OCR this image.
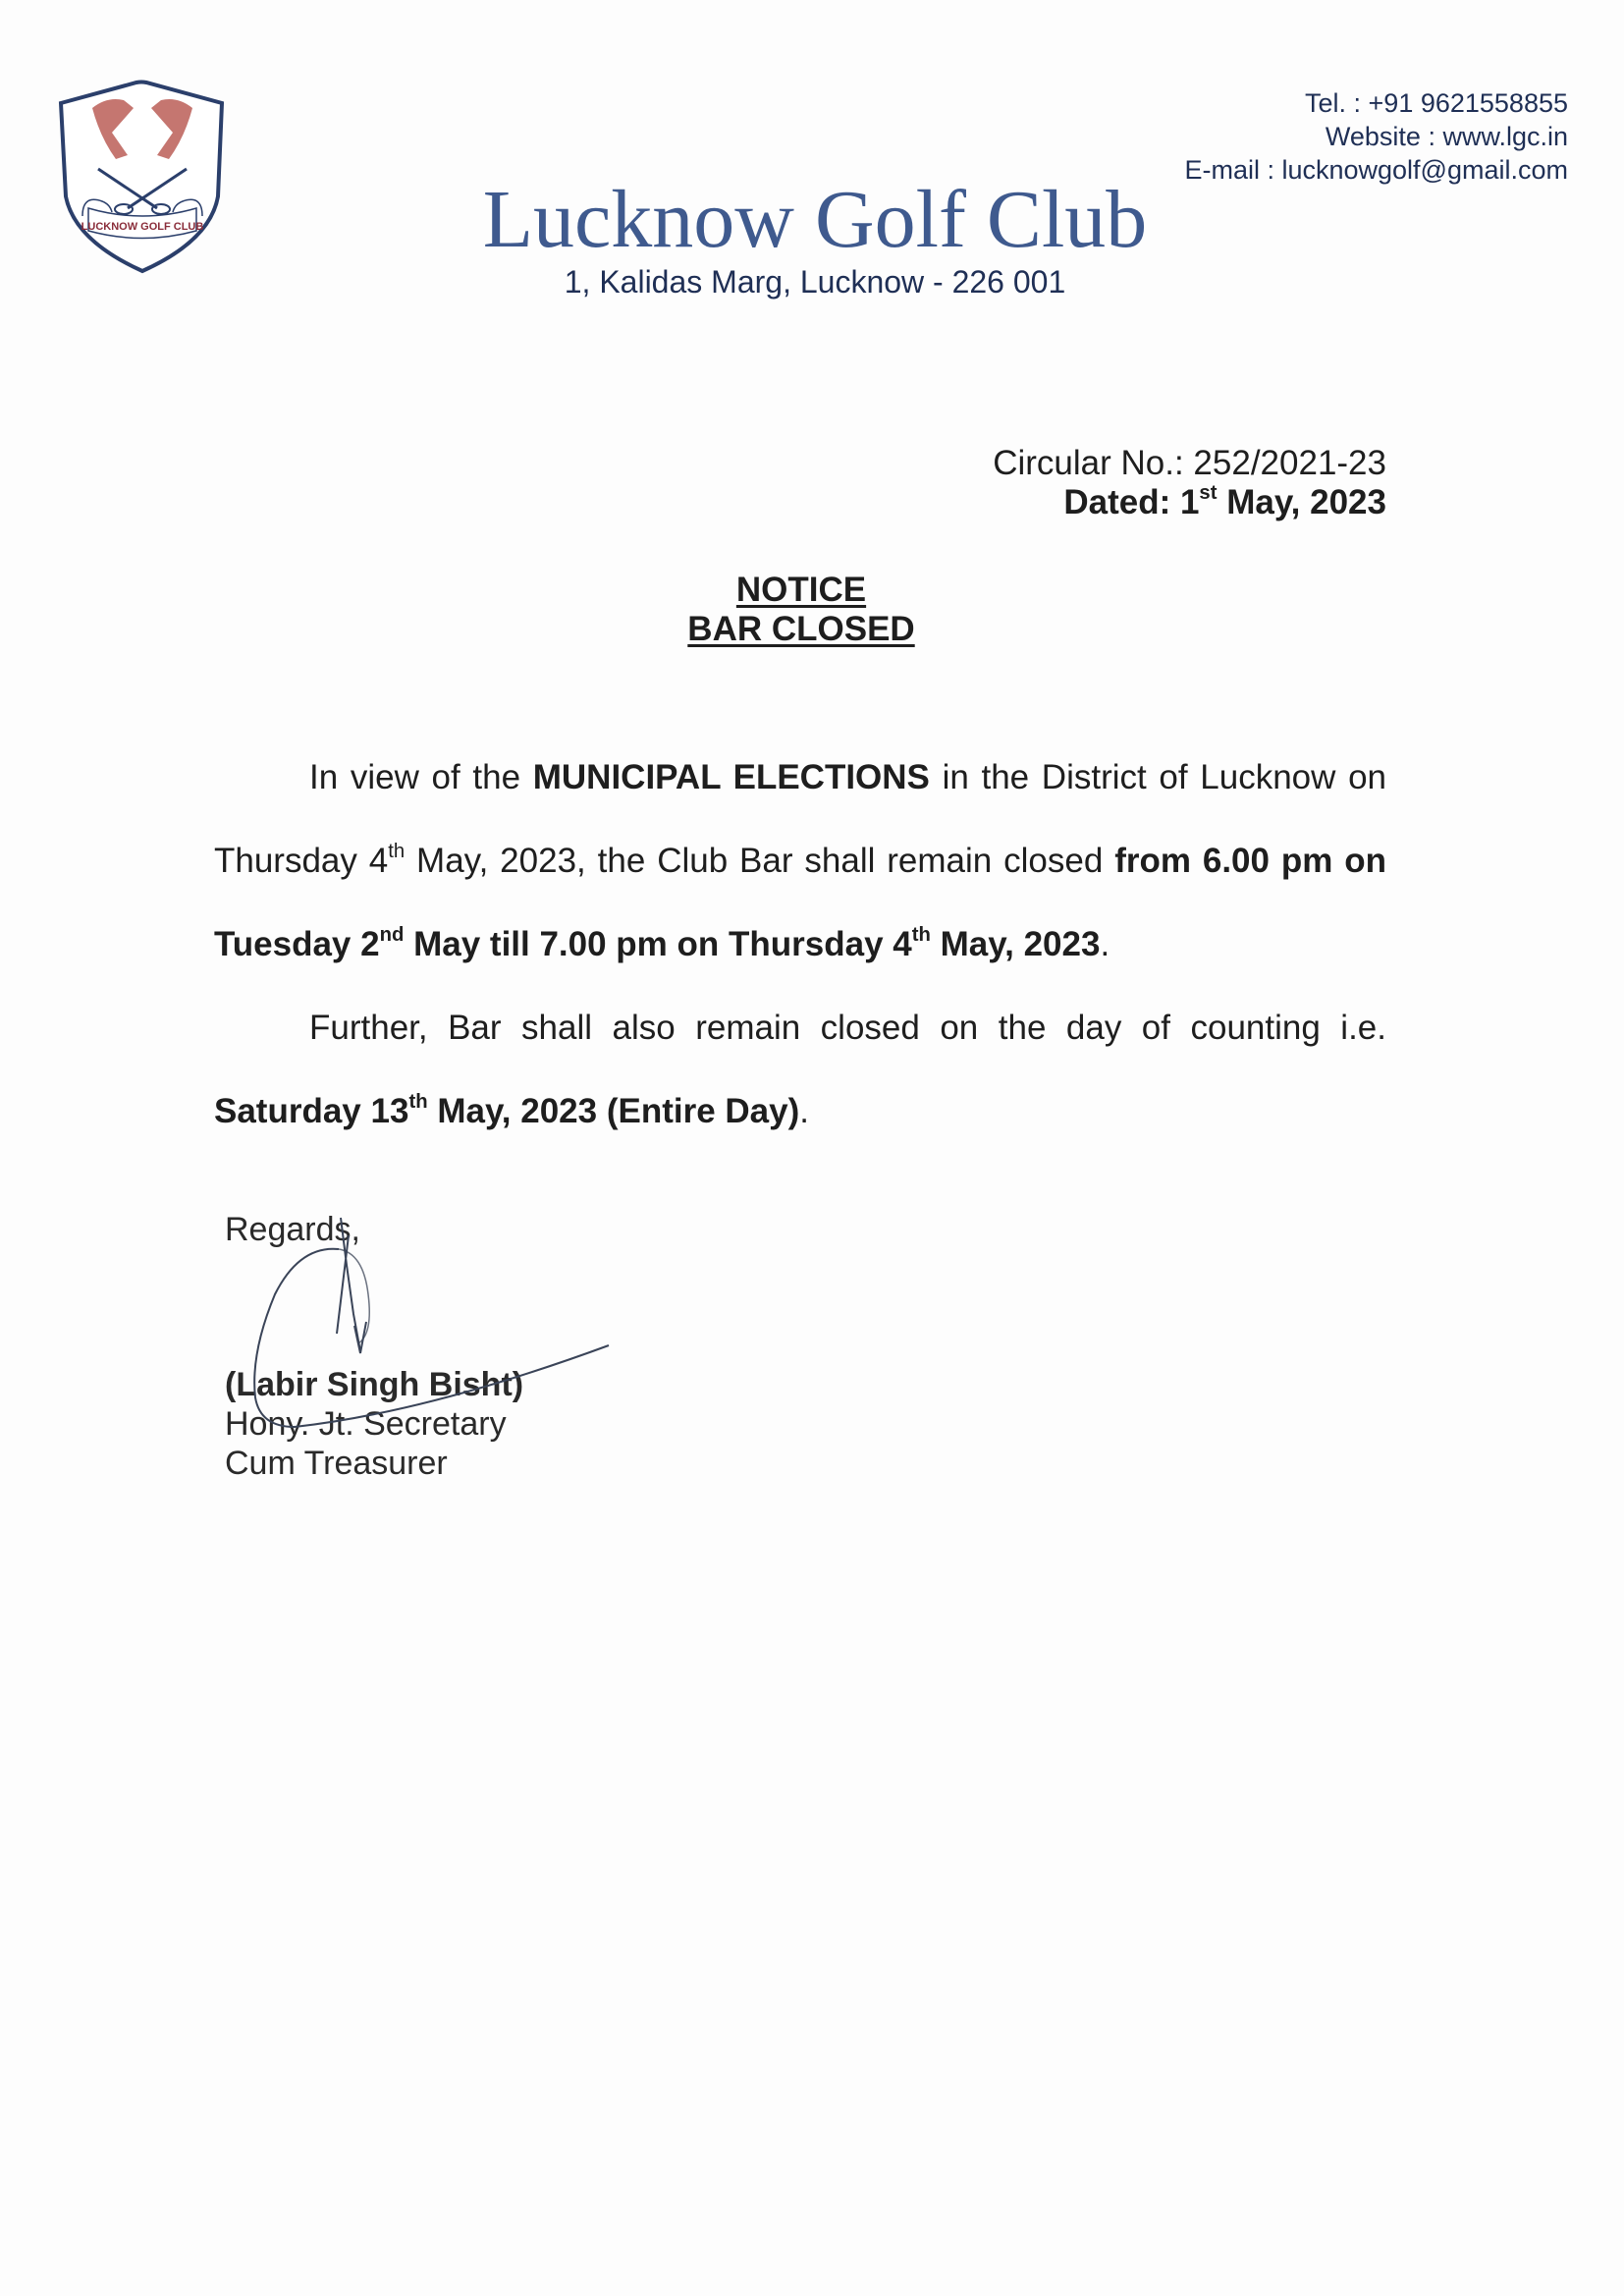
LUCKNOW GOLF CLUB	Lucknow Golf Club
1, Kalidas Marg, Lucknow - 226 001
Tel. : +91 9621558855
Website : www.lgc.in
E-mail : lucknowgolf@gmail.com
Circular No.: 252/2021-23
Dated: 1st May, 2023
NOTICE
BAR CLOSED

In view of the MUNICIPAL ELECTIONS in the District of Lucknow on Thursday 4th May, 2023, the Club Bar shall remain closed from 6.00 pm on Tuesday 2nd May till 7.00 pm on Thursday 4th May, 2023.

Further, Bar shall also remain closed on the day of counting i.e. Saturday 13th May, 2023 (Entire Day).

Regards,
(Labir Singh Bisht)
Hony. Jt. Secretary
Cum Treasurer
